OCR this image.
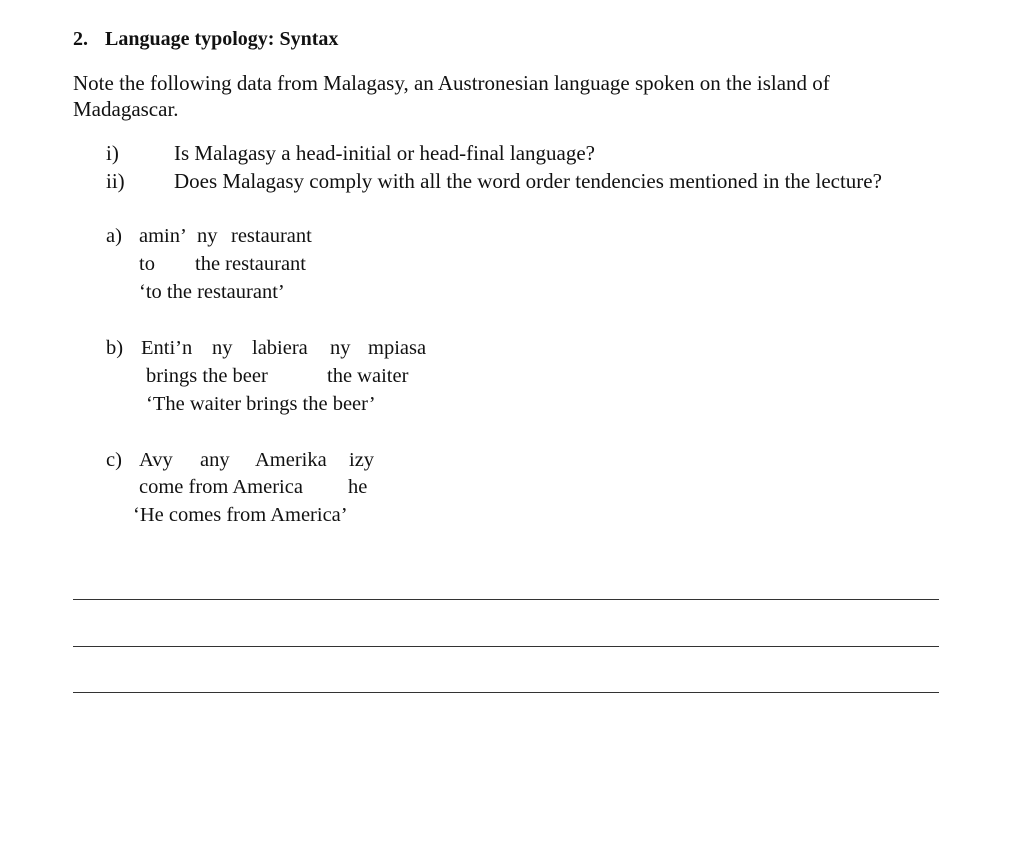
2. Language typology: Syntax
Note the following data from Malagasy, an Austronesian language spoken on the island of
Madagascar.
i)	Is Malagasy a head-initial or head-final language?
ii) Does Malagasy comply with all the word order tendencies mentioned in the lecture?
a) amin’ ny restaurant
to the restaurant
‘to the restaurant’
b) Enti’n ny labiera ny mpiasa
brings the beer	the waiter
‘The waiter brings the beer’
c) Avy any Amerika izy
come from America he
‘He comes from America’
